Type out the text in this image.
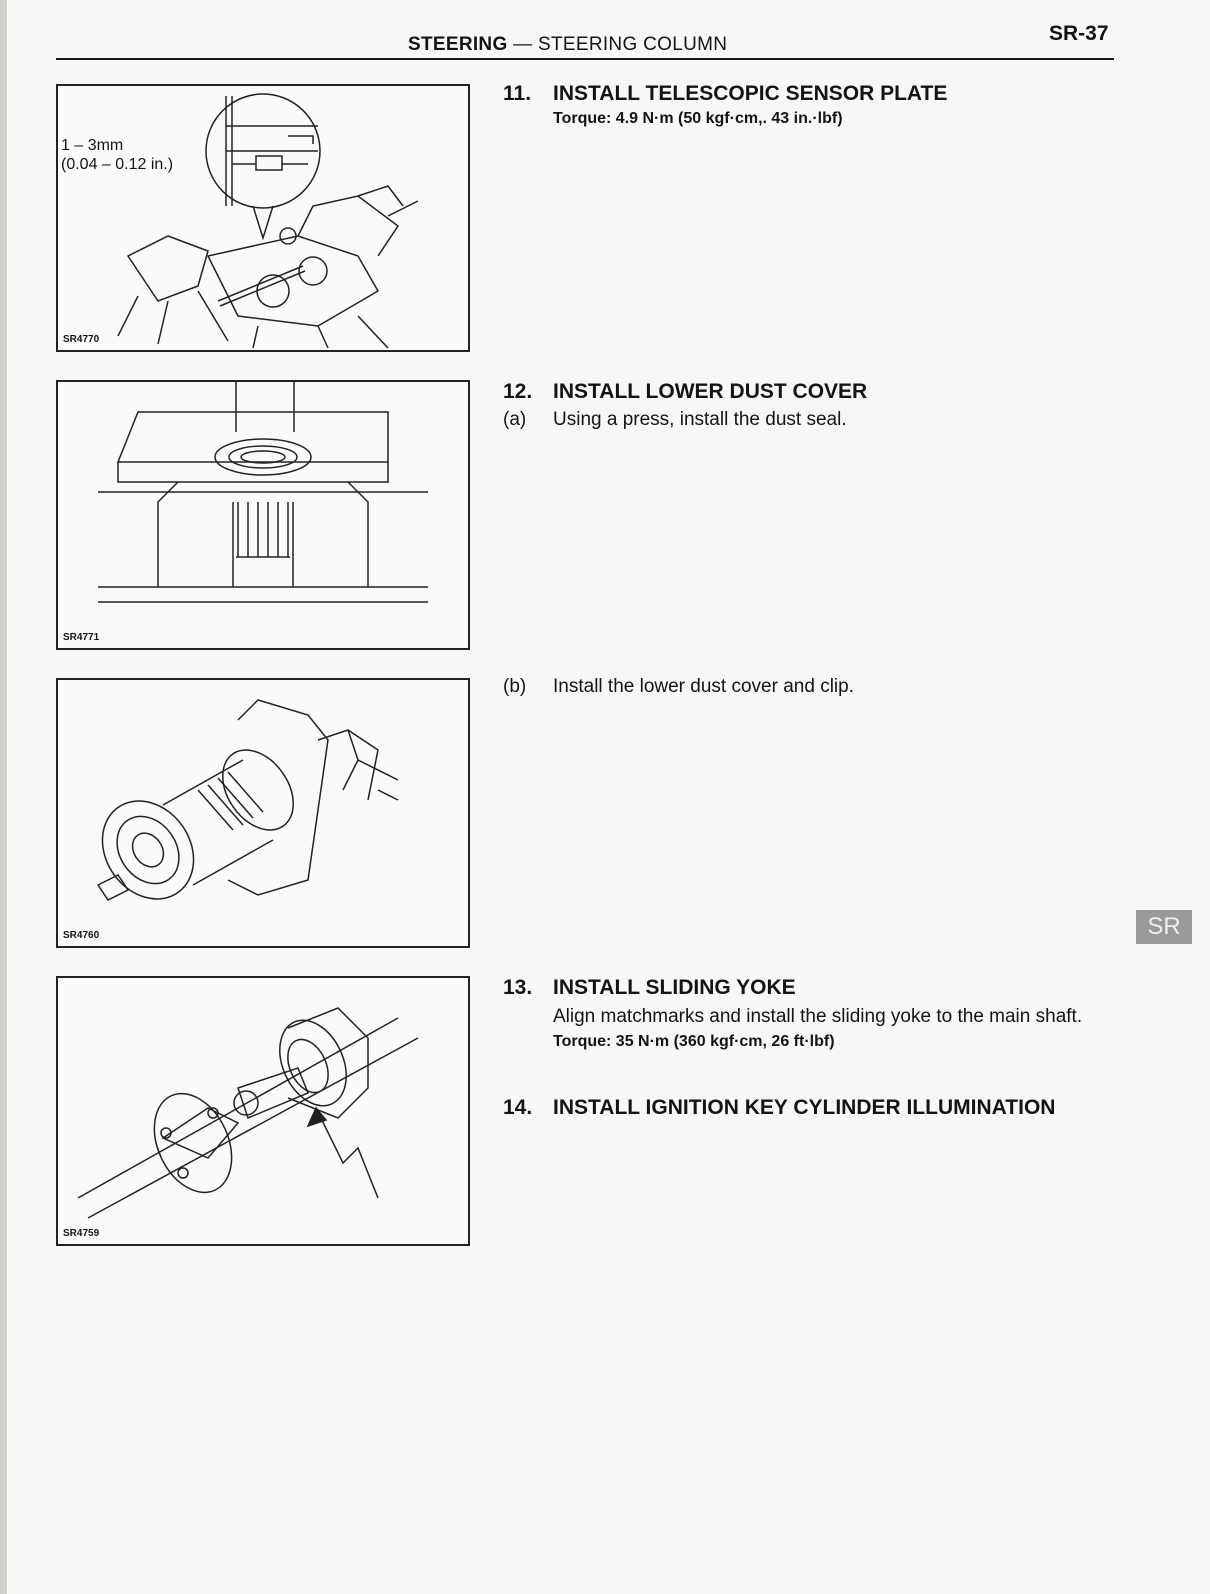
STEERING — STEERING COLUMN	SR-37
1 – 3mm
(0.04 – 0.12 in.)
SR4770
SR4771
SR4760
SR4759
11.	INSTALL TELESCOPIC SENSOR PLATE
Torque: 4.9 N·m (50 kgf·cm,. 43 in.·lbf)
12. INSTALL LOWER DUST COVER
(a)	Using a press, install the dust seal.
(b)	Install the lower dust cover and clip.
13. INSTALL SLIDING YOKE
Align matchmarks and install the sliding yoke to the main shaft.
Torque: 35 N·m (360 kgf·cm, 26 ft·lbf)
14. INSTALL IGNITION KEY CYLINDER ILLUMINATION
SR
